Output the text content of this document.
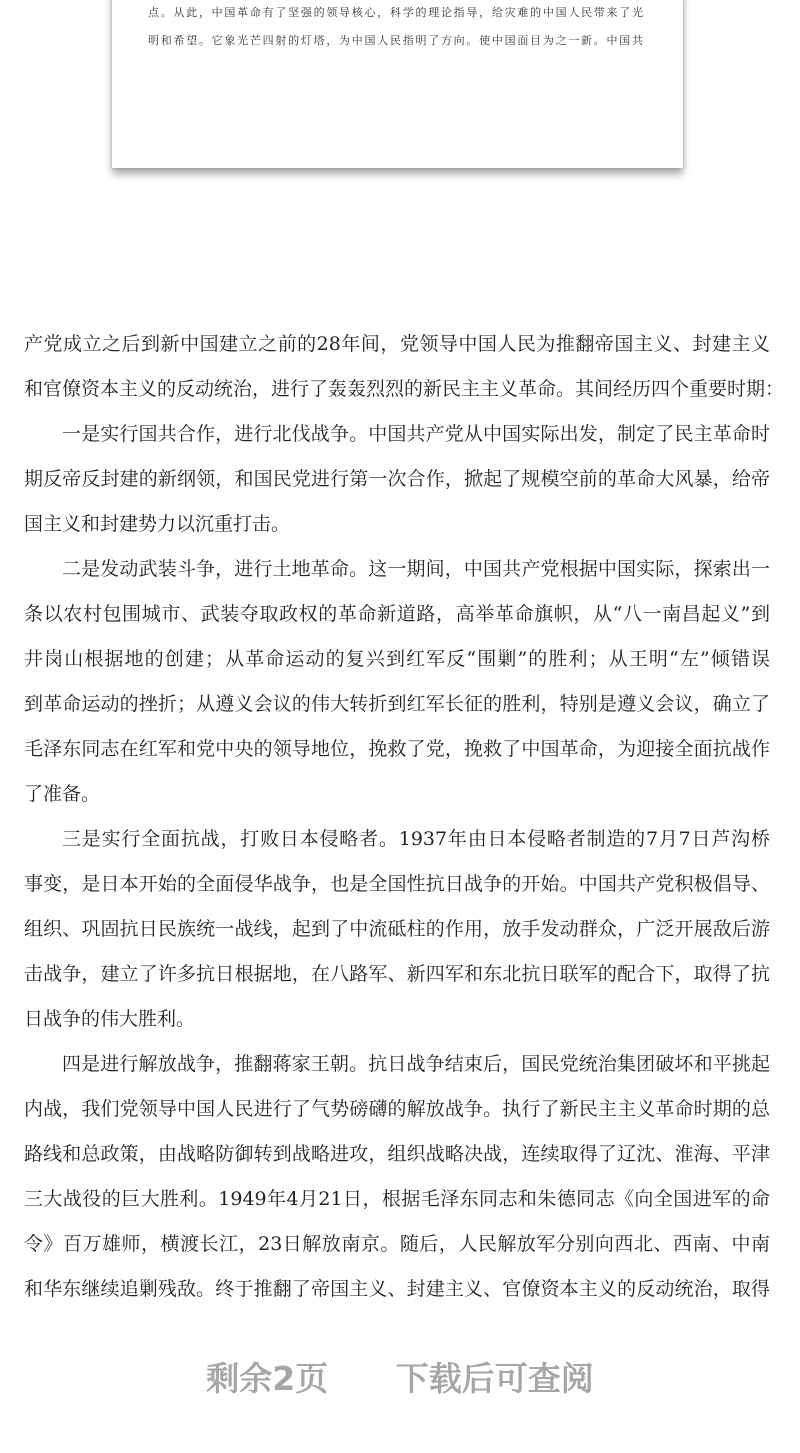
点。从此，中国革命有了坚强的领导核心，科学的理论指导，给灾难的中国人民带来了光
明和希望。它象光芒四射的灯塔，为中国人民指明了方向。使中国面目为之一新。中国共
产党成立之后到新中国建立之前的28年间，党领导中国人民为推翻帝国主义、封建主义
和官僚资本主义的反动统治，进行了轰轰烈烈的新民主主义革命。其间经历四个重要时期：
一是实行国共合作，进行北伐战争。中国共产党从中国实际出发，制定了民主革命时
期反帝反封建的新纲领，和国民党进行第一次合作，掀起了规模空前的革命大风暴，给帝
国主义和封建势力以沉重打击。
二是发动武装斗争，进行土地革命。这一期间，中国共产党根据中国实际，探索出一
条以农村包围城市、武装夺取政权的革命新道路，高举革命旗帜，从“八一南昌起义”到
井岗山根据地的创建；从革命运动的复兴到红军反“围剿”的胜利；从王明“左”倾错误
到革命运动的挫折；从遵义会议的伟大转折到红军长征的胜利，特别是遵义会议，确立了
毛泽东同志在红军和党中央的领导地位，挽救了党，挽救了中国革命，为迎接全面抗战作
了准备。
三是实行全面抗战，打败日本侵略者。1937年由日本侵略者制造的7月7日芦沟桥
事变，是日本开始的全面侵华战争，也是全国性抗日战争的开始。中国共产党积极倡导、
组织、巩固抗日民族统一战线，起到了中流砥柱的作用，放手发动群众，广泛开展敌后游
击战争，建立了许多抗日根据地，在八路军、新四军和东北抗日联军的配合下，取得了抗
日战争的伟大胜利。
四是进行解放战争，推翻蒋家王朝。抗日战争结束后，国民党统治集团破坏和平挑起
内战，我们党领导中国人民进行了气势磅礴的解放战争。执行了新民主主义革命时期的总
路线和总政策，由战略防御转到战略进攻，组织战略决战，连续取得了辽沈、淮海、平津
三大战役的巨大胜利。1949年4月21日，根据毛泽东同志和朱德同志《向全国进军的命
令》百万雄师，横渡长江，23日解放南京。随后，人民解放军分别向西北、西南、中南
和华东继续追剿残敌。终于推翻了帝国主义、封建主义、官僚资本主义的反动统治，取得
剩余2页 下载后可查阅
